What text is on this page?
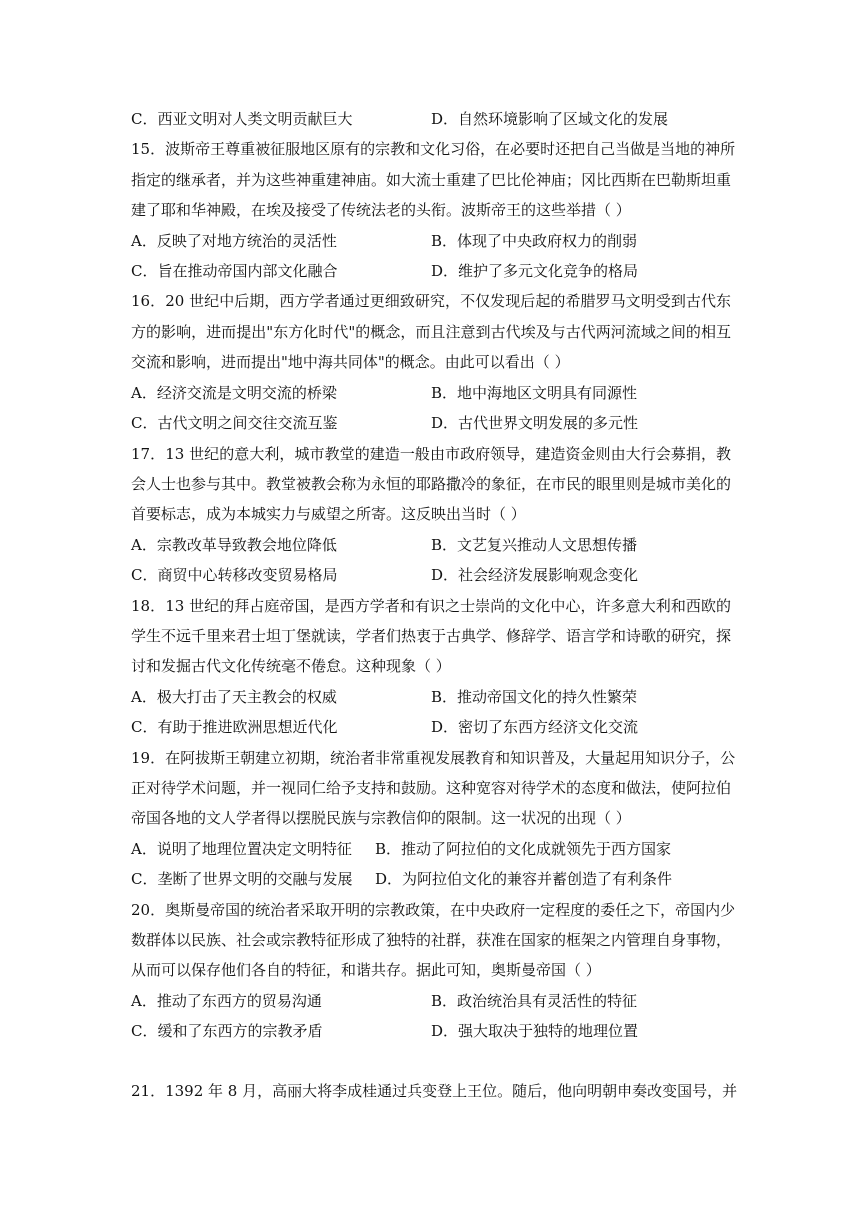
C．西亚文明对人类文明贡献巨大	D．自然环境影响了区域文化的发展
15．波斯帝王尊重被征服地区原有的宗教和文化习俗，在必要时还把自己当做是当地的神所
指定的继承者，并为这些神重建神庙。如大流士重建了巴比伦神庙；冈比西斯在巴勒斯坦重
建了耶和华神殿，在埃及接受了传统法老的头衔。波斯帝王的这些举措（ ）
A．反映了对地方统治的灵活性	B．体现了中央政府权力的削弱
C．旨在推动帝国内部文化融合	D．维护了多元文化竞争的格局
16．20 世纪中后期，西方学者通过更细致研究，不仅发现后起的希腊罗马文明受到古代东
方的影响，进而提出"东方化时代"的概念，而且注意到古代埃及与古代两河流域之间的相互
交流和影响，进而提出"地中海共同体"的概念。由此可以看出（ ）
A．经济交流是文明交流的桥梁	B．地中海地区文明具有同源性
C．古代文明之间交往交流互鉴	D．古代世界文明发展的多元性
17．13 世纪的意大利，城市教堂的建造一般由市政府领导，建造资金则由大行会募捐，教
会人士也参与其中。教堂被教会称为永恒的耶路撒冷的象征，在市民的眼里则是城市美化的
首要标志，成为本城实力与威望之所寄。这反映出当时（ ）
A．宗教改革导致教会地位降低	B．文艺复兴推动人文思想传播
C．商贸中心转移改变贸易格局	D．社会经济发展影响观念变化
18．13 世纪的拜占庭帝国，是西方学者和有识之士崇尚的文化中心，许多意大利和西欧的
学生不远千里来君士坦丁堡就读，学者们热衷于古典学、修辞学、语言学和诗歌的研究，探
讨和发掘古代文化传统毫不倦怠。这种现象（ ）
A．极大打击了天主教会的权威	B．推动帝国文化的持久性繁荣
C．有助于推进欧洲思想近代化	D．密切了东西方经济文化交流
19．在阿拔斯王朝建立初期，统治者非常重视发展教育和知识普及，大量起用知识分子，公
正对待学术问题，并一视同仁给予支持和鼓励。这种宽容对待学术的态度和做法，使阿拉伯
帝国各地的文人学者得以摆脱民族与宗教信仰的限制。这一状况的出现（ ）
A．说明了地理位置决定文明特征 B．推动了阿拉伯的文化成就领先于西方国家
C．垄断了世界文明的交融与发展 D．为阿拉伯文化的兼容并蓄创造了有利条件
20．奥斯曼帝国的统治者采取开明的宗教政策，在中央政府一定程度的委任之下，帝国内少
数群体以民族、社会或宗教特征形成了独特的社群，获准在国家的框架之内管理自身事物，
从而可以保存他们各自的特征，和谐共存。据此可知，奥斯曼帝国（ ）
A．推动了东西方的贸易沟通	B．政治统治具有灵活性的特征
C．缓和了东西方的宗教矛盾	D．强大取决于独特的地理位置
21．1392 年 8 月，高丽大将李成桂通过兵变登上王位。随后，他向明朝申奏改变国号，并
